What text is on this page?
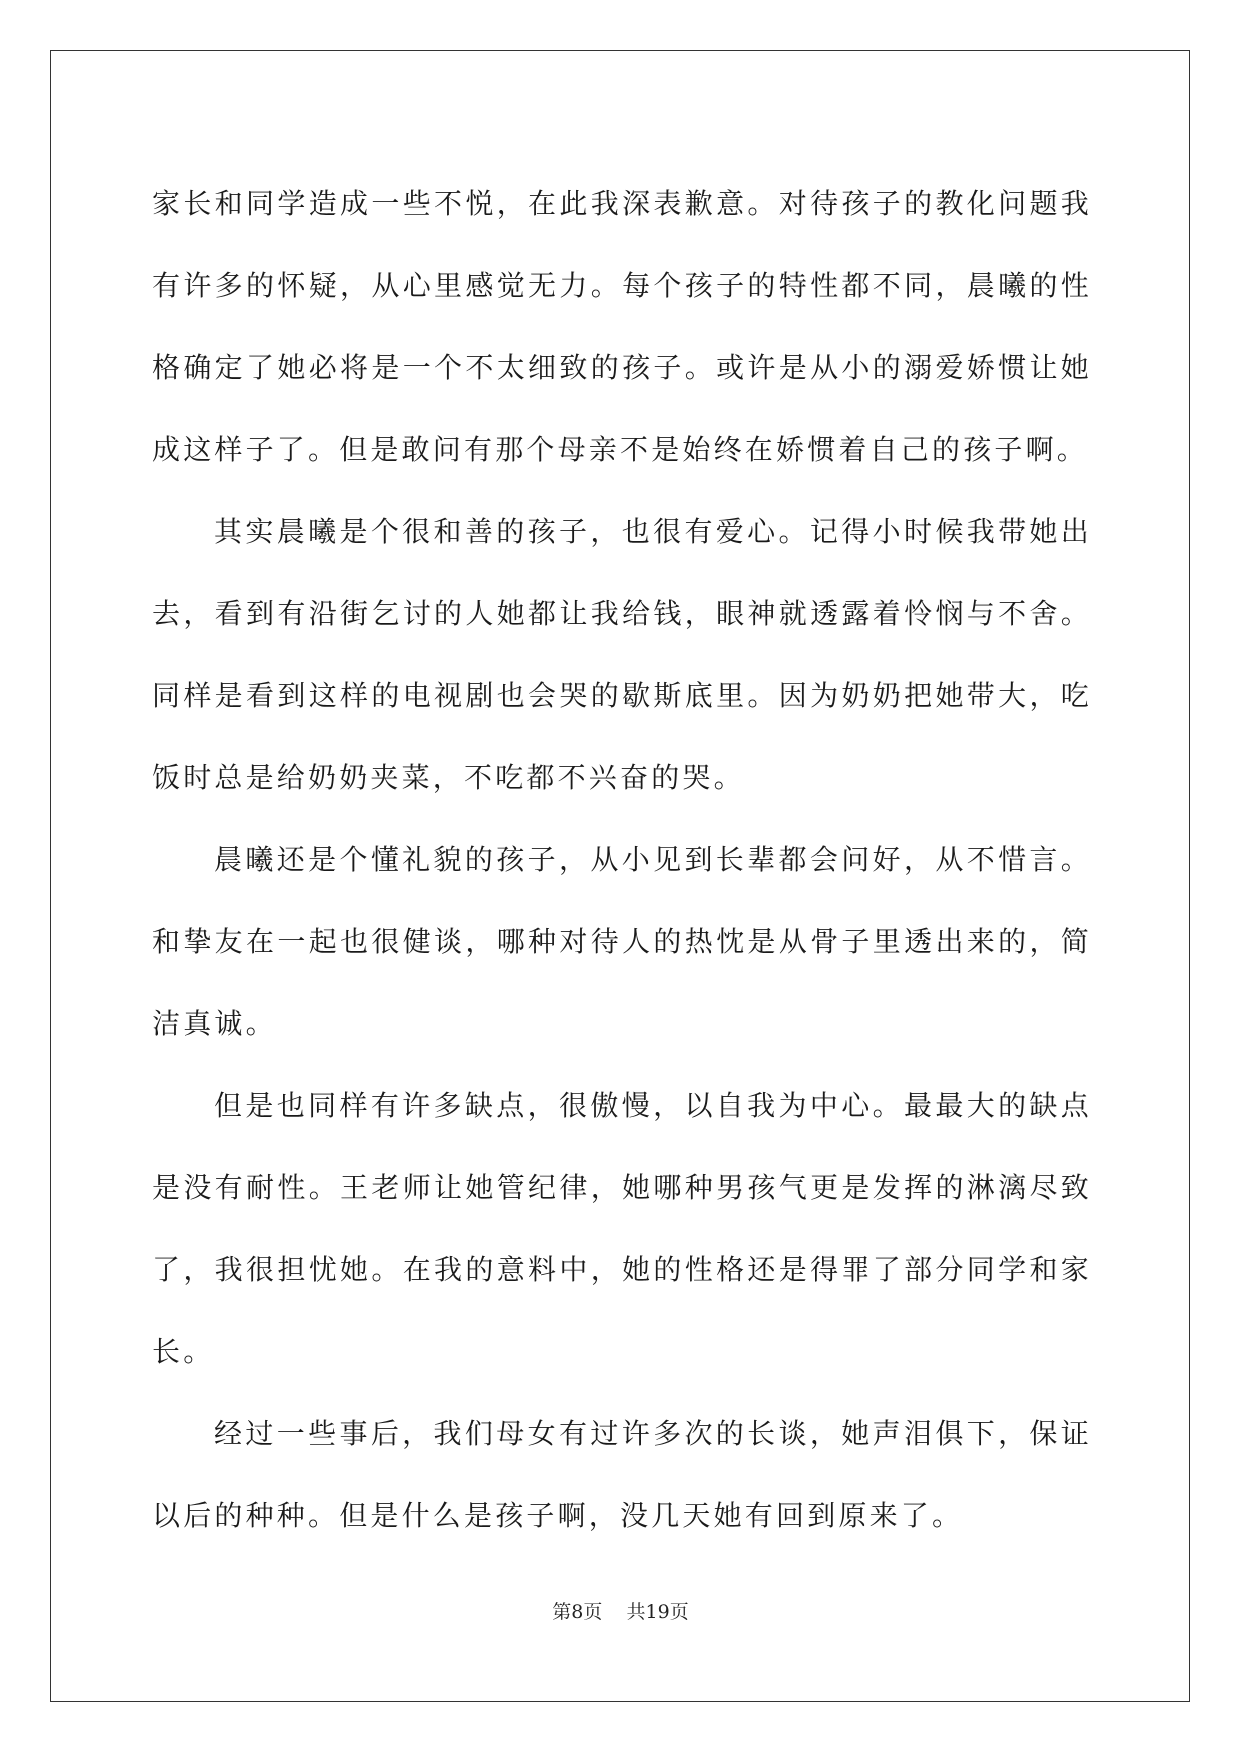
家长和同学造成一些不悦，在此我深表歉意。对待孩子的教化问题我有许多的怀疑，从心里感觉无力。每个孩子的特性都不同，晨曦的性格确定了她必将是一个不太细致的孩子。或许是从小的溺爱娇惯让她成这样子了。但是敢问有那个母亲不是始终在娇惯着自己的孩子啊。

其实晨曦是个很和善的孩子，也很有爱心。记得小时候我带她出去，看到有沿街乞讨的人她都让我给钱，眼神就透露着怜悯与不舍。同样是看到这样的电视剧也会哭的歇斯底里。因为奶奶把她带大，吃饭时总是给奶奶夹菜，不吃都不兴奋的哭。

晨曦还是个懂礼貌的孩子，从小见到长辈都会问好，从不惜言。和挚友在一起也很健谈，哪种对待人的热忱是从骨子里透出来的，简洁真诚。

但是也同样有许多缺点，很傲慢，以自我为中心。最最大的缺点是没有耐性。王老师让她管纪律，她哪种男孩气更是发挥的淋漓尽致了，我很担忧她。在我的意料中，她的性格还是得罪了部分同学和家长。

经过一些事后，我们母女有过许多次的长谈，她声泪俱下，保证以后的种种。但是什么是孩子啊，没几天她有回到原来了。

第8页 共19页
